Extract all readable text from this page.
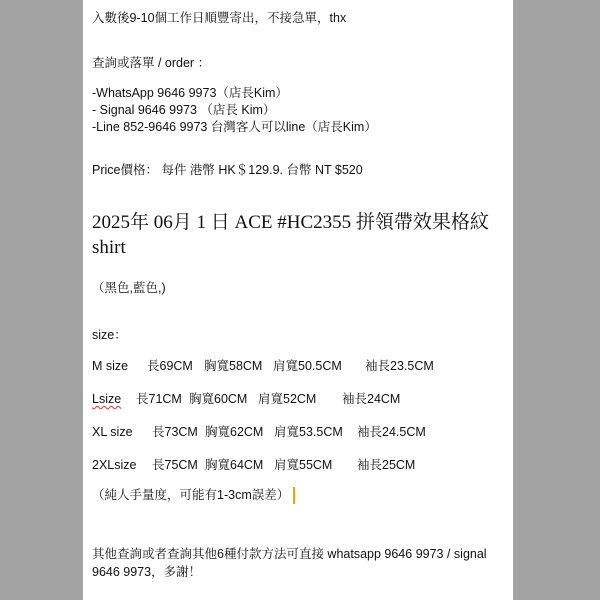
入數後9-10個工作日順豐寄出，不接急單，thx
查詢或落單 / order ：
-WhatsApp 9646 9973（店長Kim）
- Signal 9646 9973 （店長 Kim）
-Line 852-9646 9973 台灣客人可以line（店長Kim）
Price價格： 每件 港幣 HK＄129.9. 台幣 NT $520
2025年 06月 1 日 ACE #HC2355 拼領帶效果格紋shirt
（黑色,藍色,)
size：
M size 長69CM 胸寬58CM 肩寬50.5CM 袖長23.5CM
Lsize 長71CM 胸寬60CM 肩寬52CM 袖長24CM
XL size 長73CM 胸寬62CM 肩寬53.5CM 袖長24.5CM
2XLsize 長75CM 胸寬64CM 肩寬55CM 袖長25CM
（純人手量度，可能有1-3cm誤差）
其他查詢或者查詢其他6種付款方法可直接 whatsapp 9646 9973 / signal 9646 9973，多謝！
